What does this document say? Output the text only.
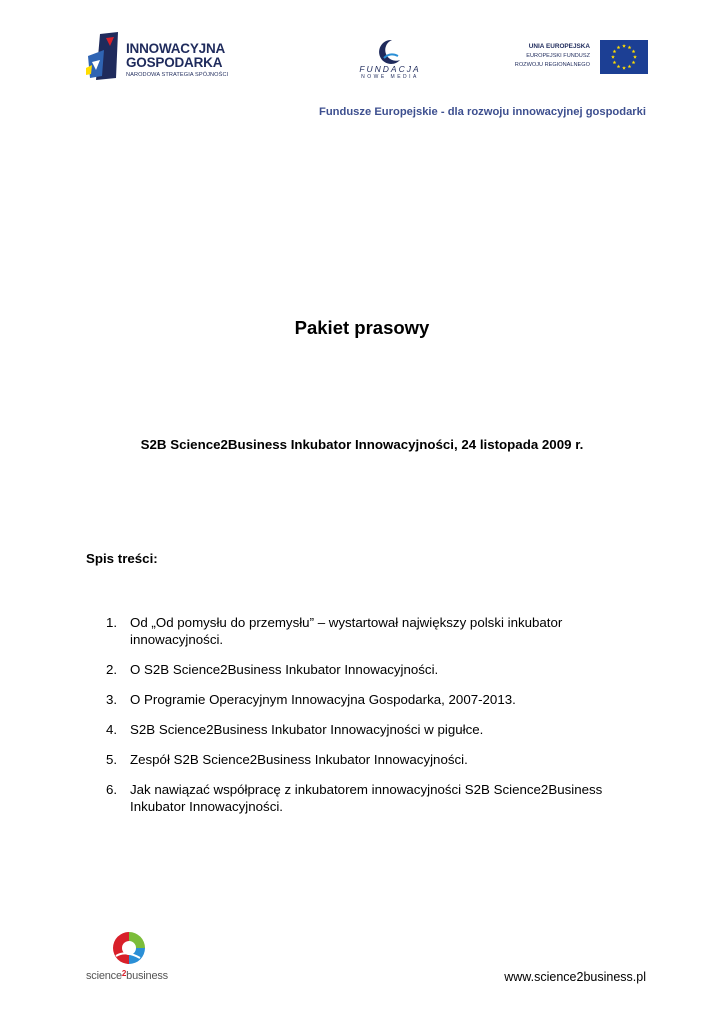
INNOWACYJNA
GOSPODARKA
NARODOWA STRATEGIA SPÓJNOŚCI
FUNDACJA
NOWE MEDIA
UNIA EUROPEJSKA
EUROPEJSKI FUNDUSZ
ROZWOJU REGIONALNEGO
Fundusze Europejskie - dla rozwoju innowacyjnej gospodarki
Pakiet prasowy
S2B Science2Business Inkubator Innowacyjności, 24 listopada 2009 r.
Spis treści:
1. Od „Od pomysłu do przemysłu” – wystartował największy polski inkubator innowacyjności.
2. O S2B Science2Business Inkubator Innowacyjności.
3. O Programie Operacyjnym Innowacyjna Gospodarka, 2007-2013.
4. S2B Science2Business Inkubator Innowacyjności w pigułce.
5. Zespół S2B Science2Business Inkubator Innowacyjności.
6. Jak nawiązać współpracę z inkubatorem innowacyjności S2B Science2Business Inkubator Innowacyjności.
science$^2$business	www.science2business.pl
